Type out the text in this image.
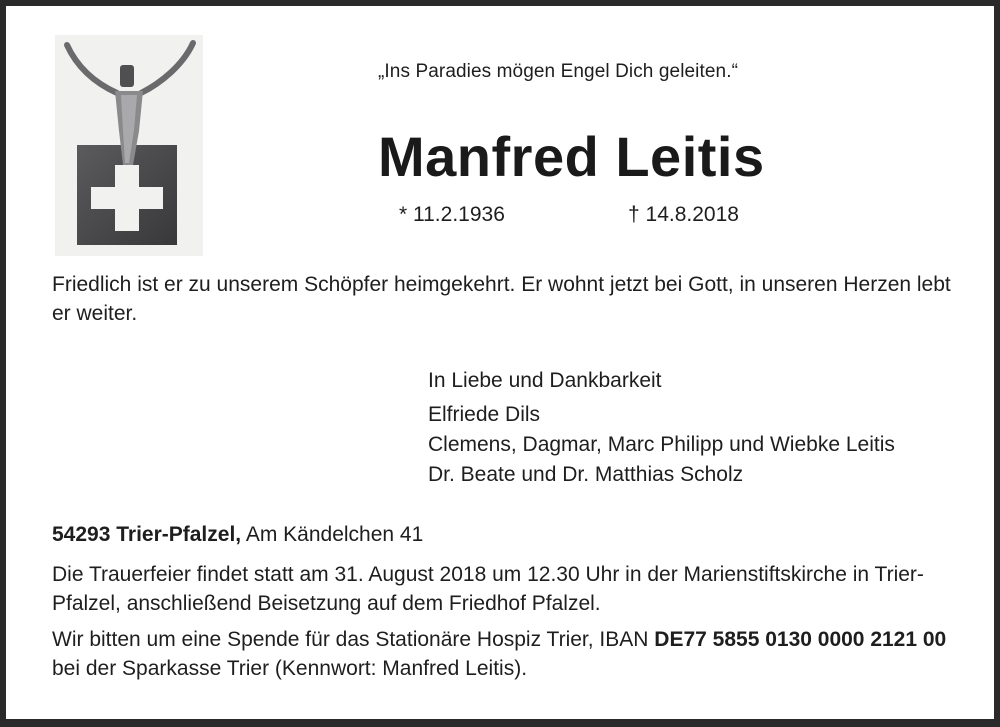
„Ins Paradies mögen Engel Dich geleiten.“
Manfred Leitis
* 11.2.1936	† 14.8.2018
Friedlich ist er zu unserem Schöpfer heimgekehrt. Er wohnt jetzt bei Gott, in unseren Herzen lebt er weiter.
In Liebe und Dankbarkeit
Elfriede Dils
Clemens, Dagmar, Marc Philipp und Wiebke Leitis
Dr. Beate und Dr. Matthias Scholz
54293 Trier-Pfalzel, Am Kändelchen 41
Die Trauerfeier findet statt am 31. August 2018 um 12.30 Uhr in der Marienstiftskirche in Trier-Pfalzel, anschließend Beisetzung auf dem Friedhof Pfalzel.
Wir bitten um eine Spende für das Stationäre Hospiz Trier, IBAN DE77 5855 0130 0000 2121 00 bei der Sparkasse Trier (Kennwort: Manfred Leitis).
